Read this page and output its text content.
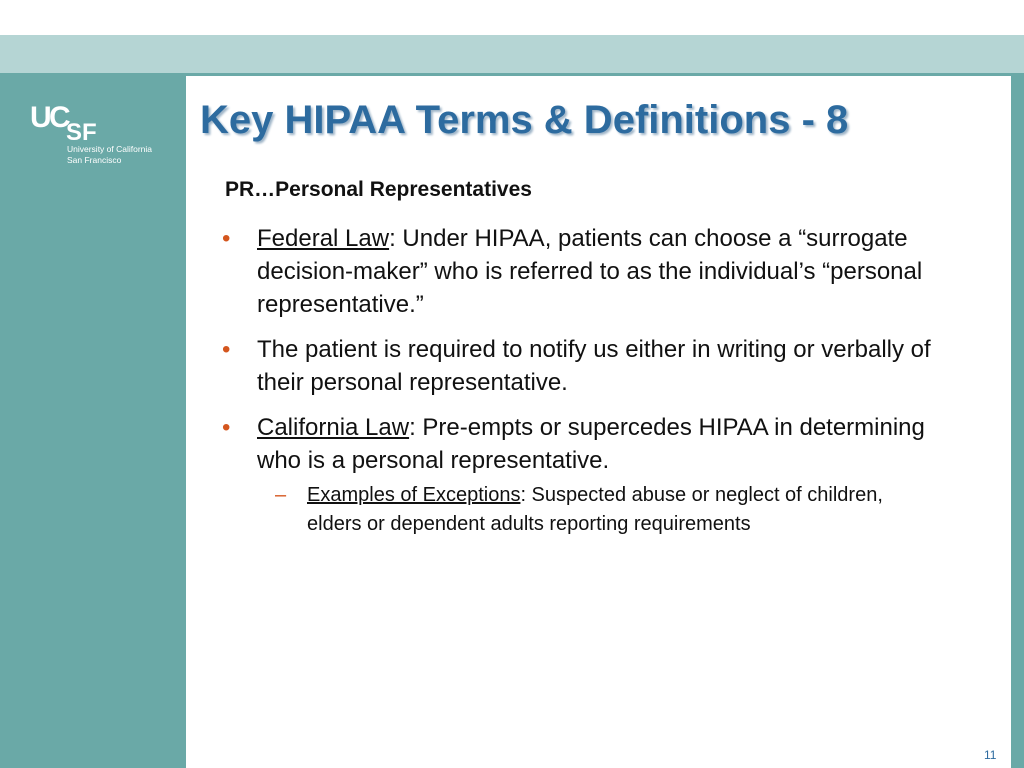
U
C
S F
University of California
San Francisco
Key HIPAA Terms & Definitions - 8
PR…Personal Representatives
• Federal Law: Under HIPAA, patients can choose a “surrogate decision-maker” who is referred to as the individual’s “personal representative.”
• The patient is required to notify us either in writing or verbally of their personal representative.
• California Law: Pre-empts or supercedes HIPAA in determining who is a personal representative.
– Examples of Exceptions: Suspected abuse or neglect of children, elders or dependent adults reporting requirements
11
